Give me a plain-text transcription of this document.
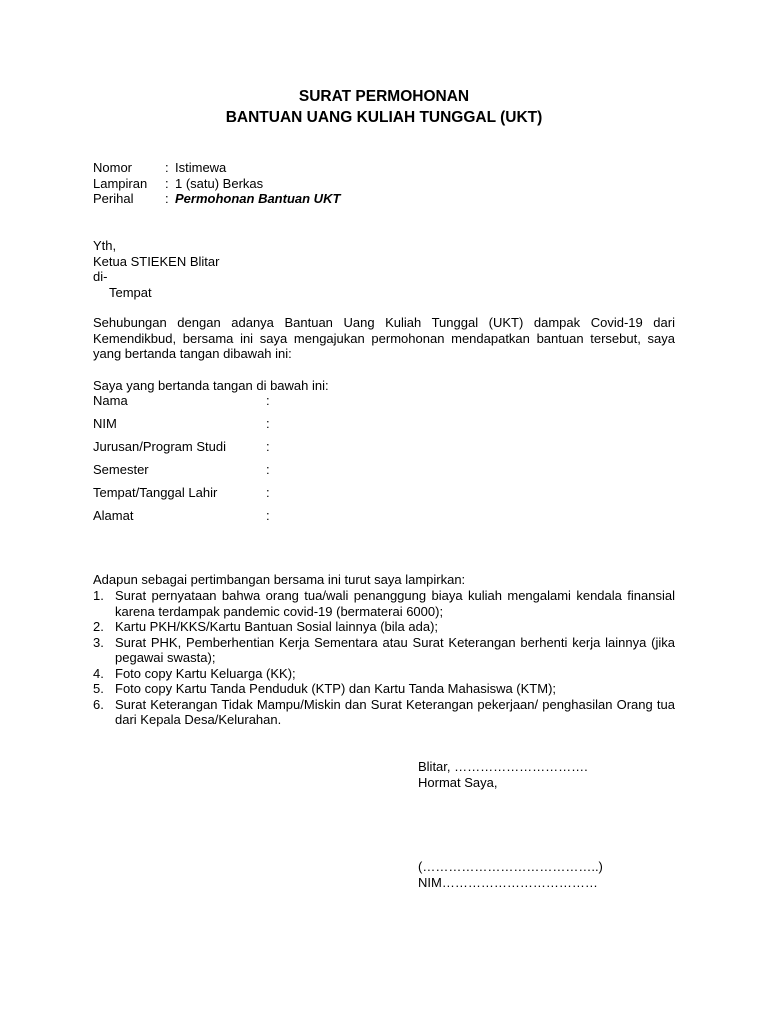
SURAT PERMOHONAN
BANTUAN UANG KULIAH TUNGGAL (UKT)
Nomor	: Istimewa
Lampiran : 1 (satu) Berkas
Perihal : Permohonan Bantuan UKT
Yth,
Ketua STIEKEN Blitar
di-
Tempat
Sehubungan dengan adanya Bantuan Uang Kuliah Tunggal (UKT) dampak Covid-19 dari Kemendikbud, bersama ini saya mengajukan permohonan mendapatkan bantuan tersebut, saya yang bertanda tangan dibawah ini:
Saya yang bertanda tangan di bawah ini:
Nama	:
NIM	:
Jurusan/Program Studi	:
Semester	:
Tempat/Tanggal Lahir	:
Alamat	:
Adapun sebagai pertimbangan bersama ini turut saya lampirkan:
1. Surat pernyataan bahwa orang tua/wali penanggung biaya kuliah mengalami kendala finansial karena terdampak pandemic covid-19 (bermaterai 6000);
2. Kartu PKH/KKS/Kartu Bantuan Sosial lainnya (bila ada);
3. Surat PHK, Pemberhentian Kerja Sementara atau Surat Keterangan berhenti kerja lainnya (jika pegawai swasta);
4. Foto copy Kartu Keluarga (KK);
5. Foto copy Kartu Tanda Penduduk (KTP) dan Kartu Tanda Mahasiswa (KTM);
6. Surat Keterangan Tidak Mampu/Miskin dan Surat Keterangan pekerjaan/ penghasilan Orang tua dari Kepala Desa/Kelurahan.
Blitar, ………………………….
Hormat Saya,
(…………………………………..)
NIM………………………………
